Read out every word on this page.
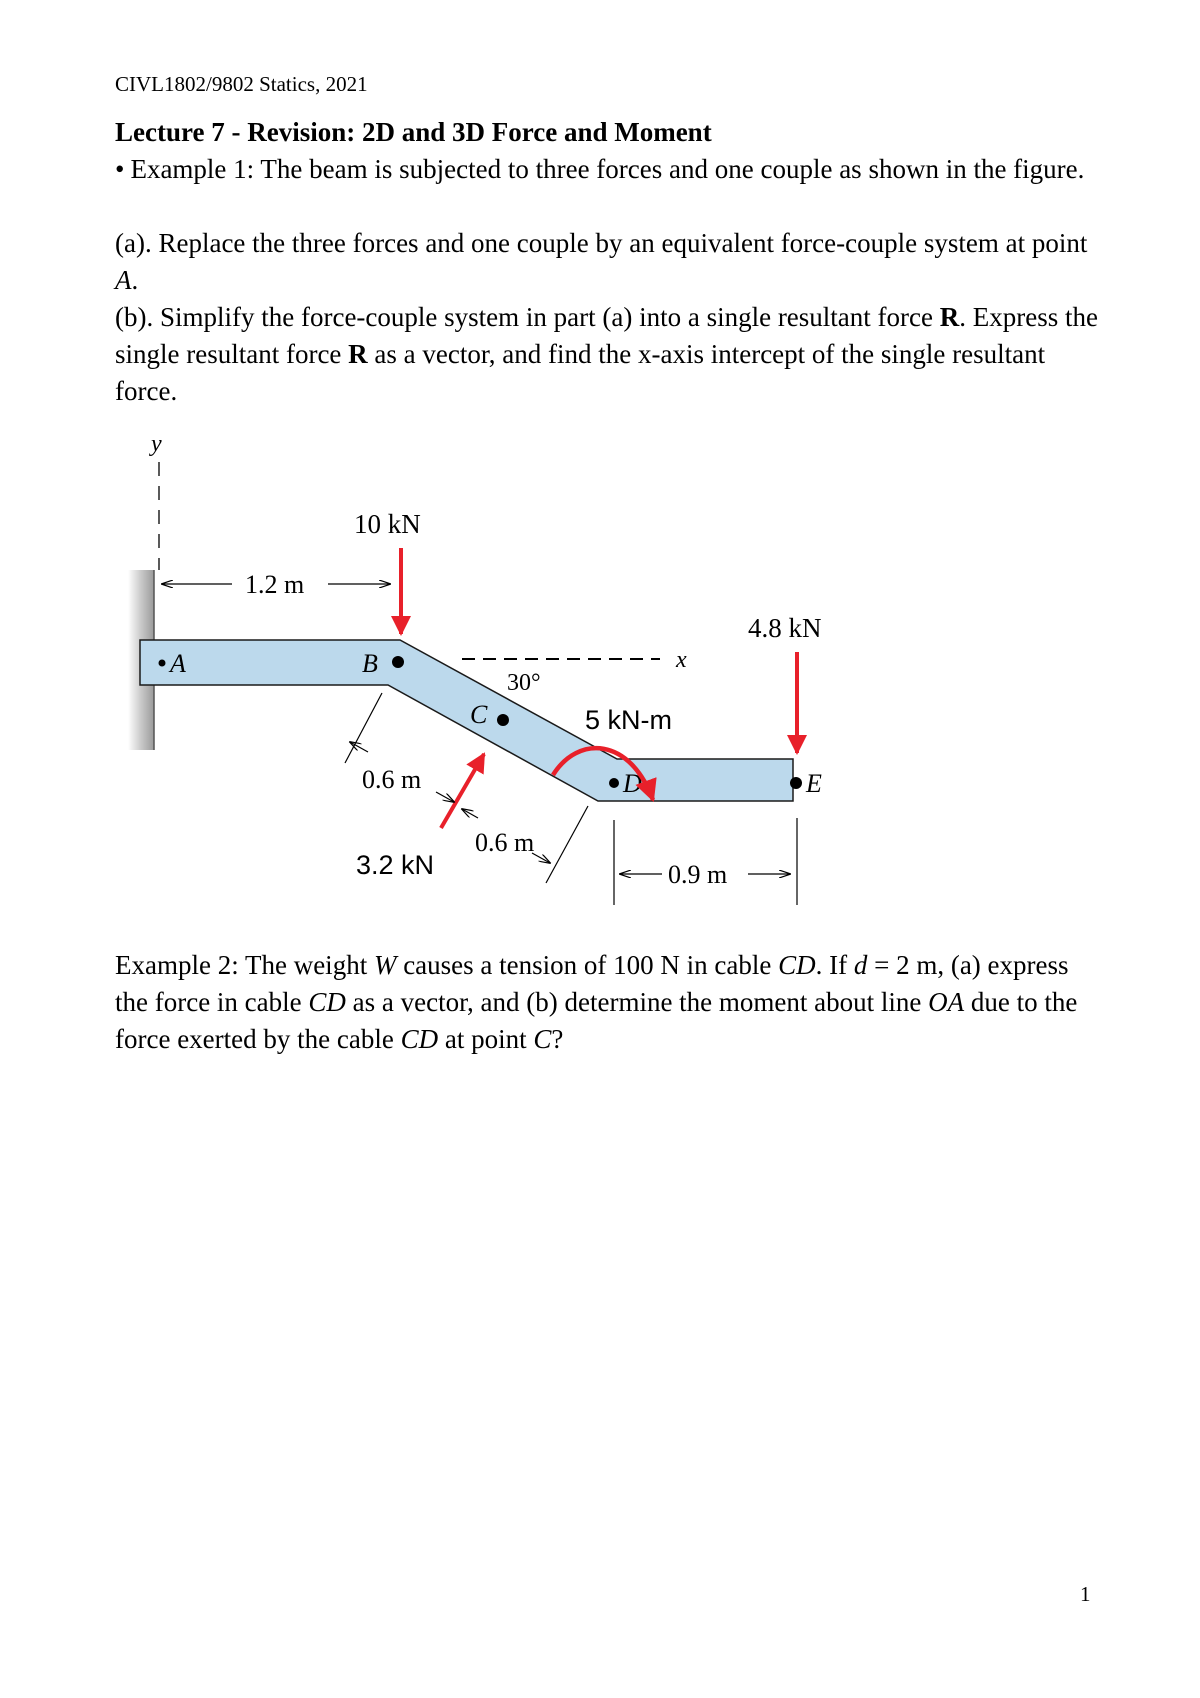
CIVL1802/9802 Statics, 2021
Lecture 7 - Revision: 2D and 3D Force and Moment
• Example 1: The beam is subjected to three forces and one couple as shown in the figure.
(a). Replace the three forces and one couple by an equivalent force-couple system at point A.
(b). Simplify the force-couple system in part (a) into a single resultant force R. Express the single resultant force R as a vector, and find the x-axis intercept of the single resultant force.
y
x
A	B
C
D	E
30°
10 kN
1.2 m
4.8 kN
5 kN-m
3.2 kN
0.6 m
0.6 m
0.9 m
Example 2: The weight W causes a tension of 100 N in cable CD. If d = 2 m, (a) express the force in cable CD as a vector, and (b) determine the moment about line OA due to the force exerted by the cable CD at point C?
1
